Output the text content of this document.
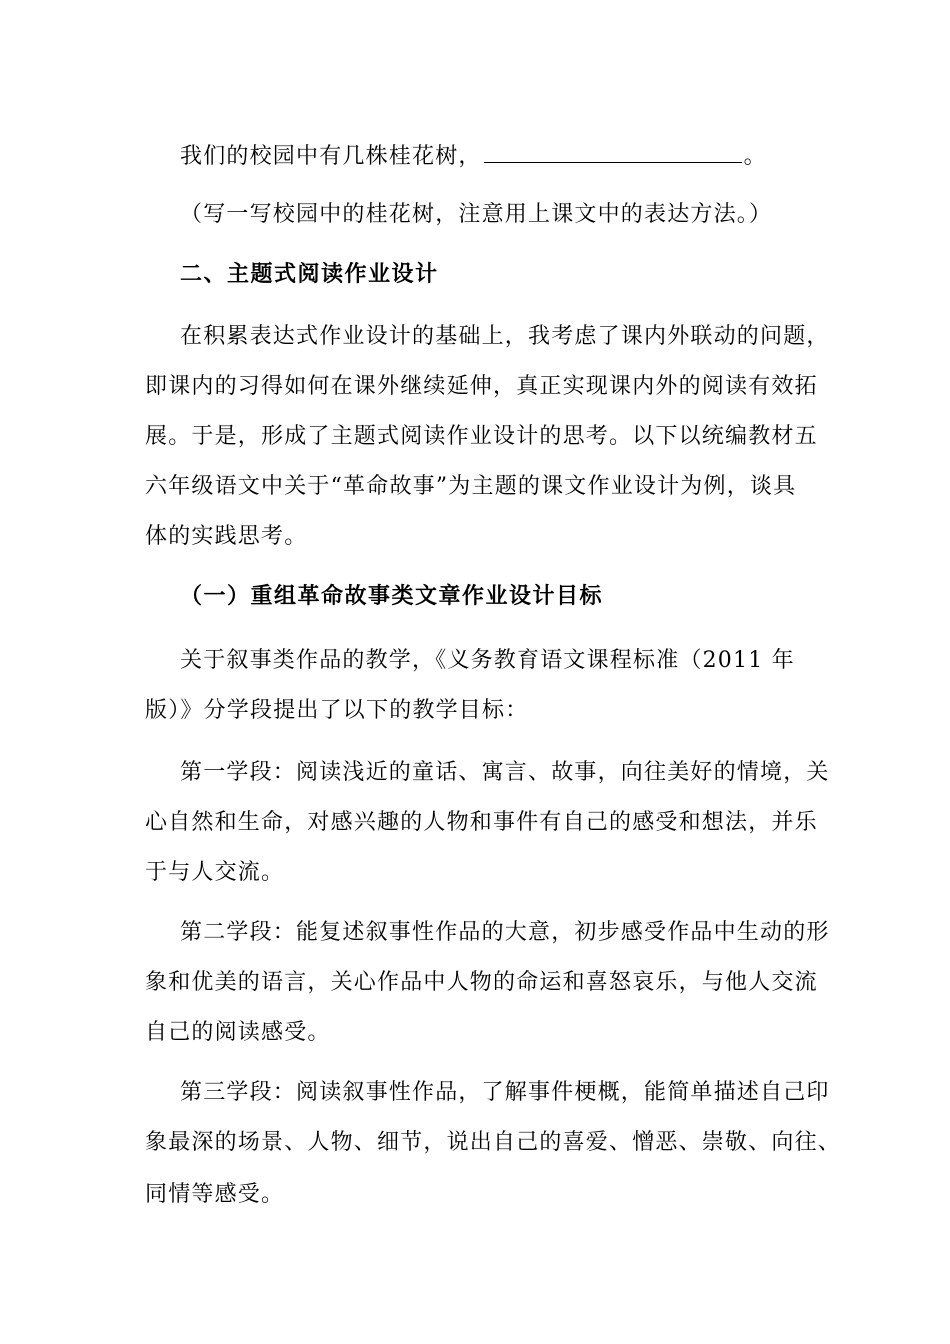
我们的校园中有几株桂花树，	。
（写一写校园中的桂花树，注意用上课文中的表达方法。）
二、主题式阅读作业设计
在积累表达式作业设计的基础上，我考虑了课内外联动的问题，
即课内的习得如何在课外继续延伸，真正实现课内外的阅读有效拓
展。于是，形成了主题式阅读作业设计的思考。以下以统编教材五
六年级语文中关于“革命故事”为主题的课文作业设计为例，谈具
体的实践思考。
（一）重组革命故事类文章作业设计目标
关于叙事类作品的教学，《义务教育语文课程标准（2011 年
版）》分学段提出了以下的教学目标：
第一学段：阅读浅近的童话、寓言、故事，向往美好的情境，关
心自然和生命，对感兴趣的人物和事件有自己的感受和想法，并乐
于与人交流。
第二学段：能复述叙事性作品的大意，初步感受作品中生动的形
象和优美的语言，关心作品中人物的命运和喜怒哀乐，与他人交流
自己的阅读感受。
第三学段：阅读叙事性作品，了解事件梗概，能简单描述自己印
象最深的场景、人物、细节，说出自己的喜爱、憎恶、崇敬、向往、
同情等感受。
